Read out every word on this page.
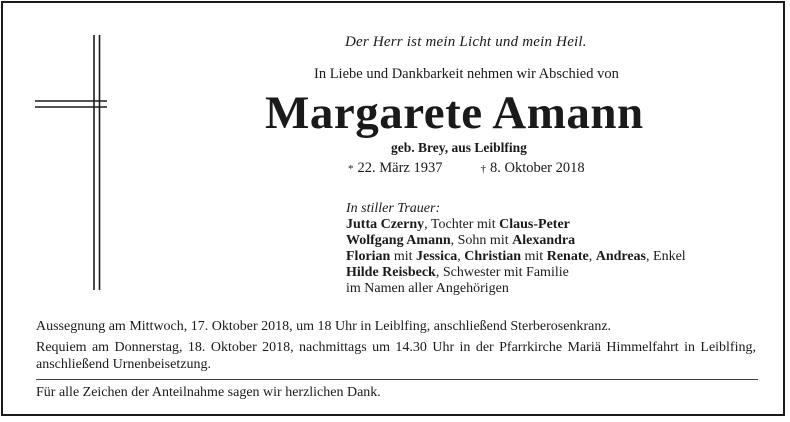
Der Herr ist mein Licht und mein Heil.
In Liebe und Dankbarkeit nehmen wir Abschied von
Margarete Amann
geb. Brey, aus Leiblfing
* 22. März 1937	† 8. Oktober 2018
In stiller Trauer:
Jutta Czerny, Tochter mit Claus-Peter
Wolfgang Amann, Sohn mit Alexandra
Florian mit Jessica, Christian mit Renate, Andreas, Enkel
Hilde Reisbeck, Schwester mit Familie
im Namen aller Angehörigen
Aussegnung am Mittwoch, 17. Oktober 2018, um 18 Uhr in Leiblfing, anschließend Sterberosenkranz.
Requiem am Donnerstag, 18. Oktober 2018, nachmittags um 14.30 Uhr in der Pfarrkirche Mariä Himmelfahrt in Leiblfing, anschließend Urnenbeisetzung.
Für alle Zeichen der Anteilnahme sagen wir herzlichen Dank.
